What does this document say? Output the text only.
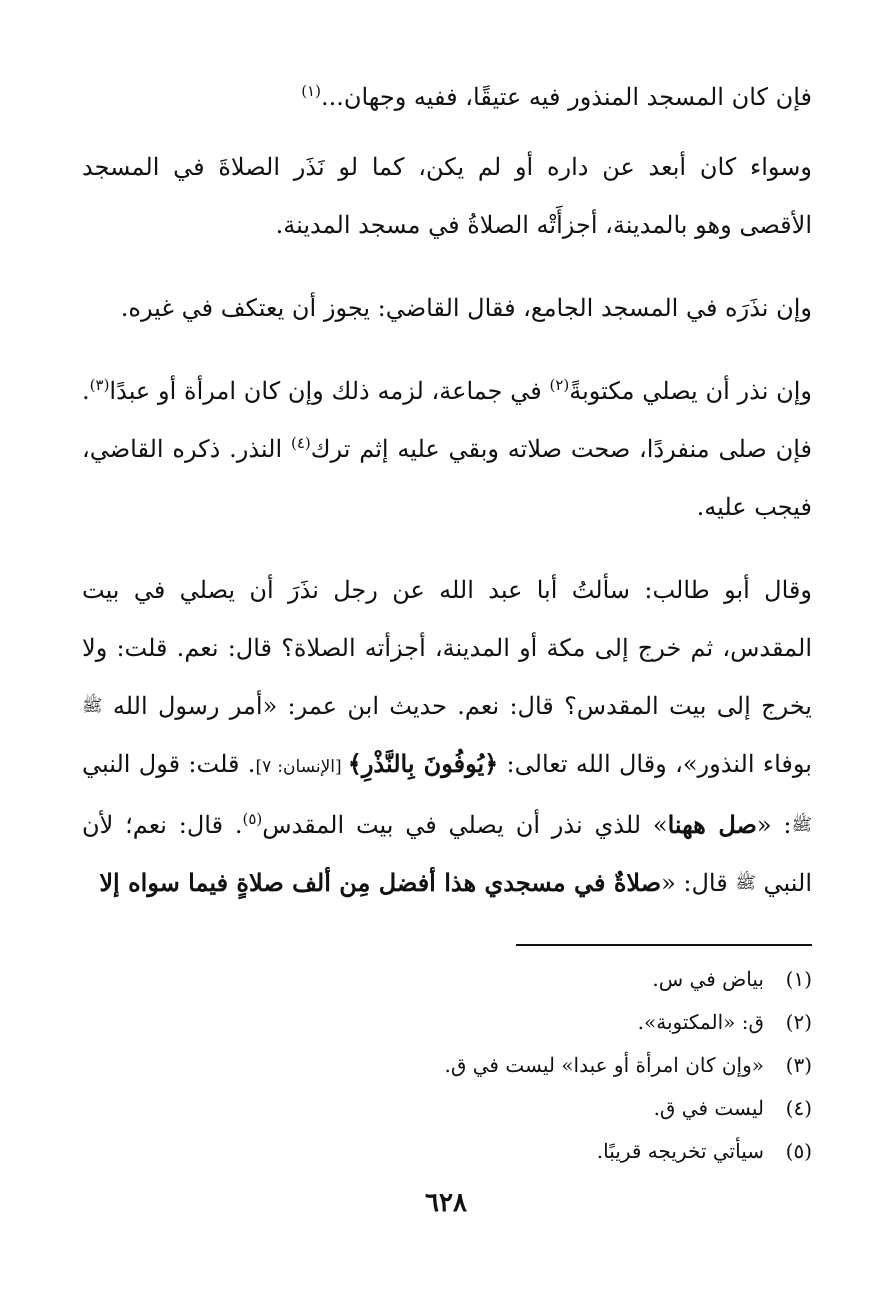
فإن كان المسجد المنذور فيه عتيقًا، ففيه وجهان...$^{(١)}$

وسواء كان أبعد عن داره أو لم يكن، كما لو نَذَر الصلاةَ في المسجد الأقصى وهو بالمدينة، أجزأَتْه الصلاةُ في مسجد المدينة.

وإن نذَرَه في المسجد الجامع، فقال القاضي: يجوز أن يعتكف في غيره.

وإن نذر أن يصلي مكتوبةً$^{(٢)}$ في جماعة، لزمه ذلك وإن كان امرأة أو عبدًا$^{(٣)}$. فإن صلى منفردًا، صحت صلاته وبقي عليه إثم ترك$^{(٤)}$ النذر. ذكره القاضي، فيجب عليه.

وقال أبو طالب: سألتُ أبا عبد الله عن رجل نذَرَ أن يصلي في بيت المقدس، ثم خرج إلى مكة أو المدينة، أجزأته الصلاة؟ قال: نعم. قلت: ولا يخرج إلى بيت المقدس؟ قال: نعم. حديث ابن عمر: «أمر رسول الله $^ﷺ$ بوفاء النذور»، وقال الله تعالى: ﴿يُوفُونَ بِالنَّذْرِ﴾ [الإنسان: ٧]. قلت: قول النبي $^ﷺ$: «صل ههنا» للذي نذر أن يصلي في بيت المقدس$^{(٥)}$. قال: نعم؛ لأن النبي $^ﷺ$ قال: «صلاةٌ في مسجدي هذا أفضل مِن ألف صلاةٍ فيما سواه إلا

(١)بياض في س.
(٢)ق: «المكتوبة».
(٣)«وإن كان امرأة أو عبدا» ليست في ق.
(٤)ليست في ق.
(٥)سيأتي تخريجه قريبًا.
٦٢٨
